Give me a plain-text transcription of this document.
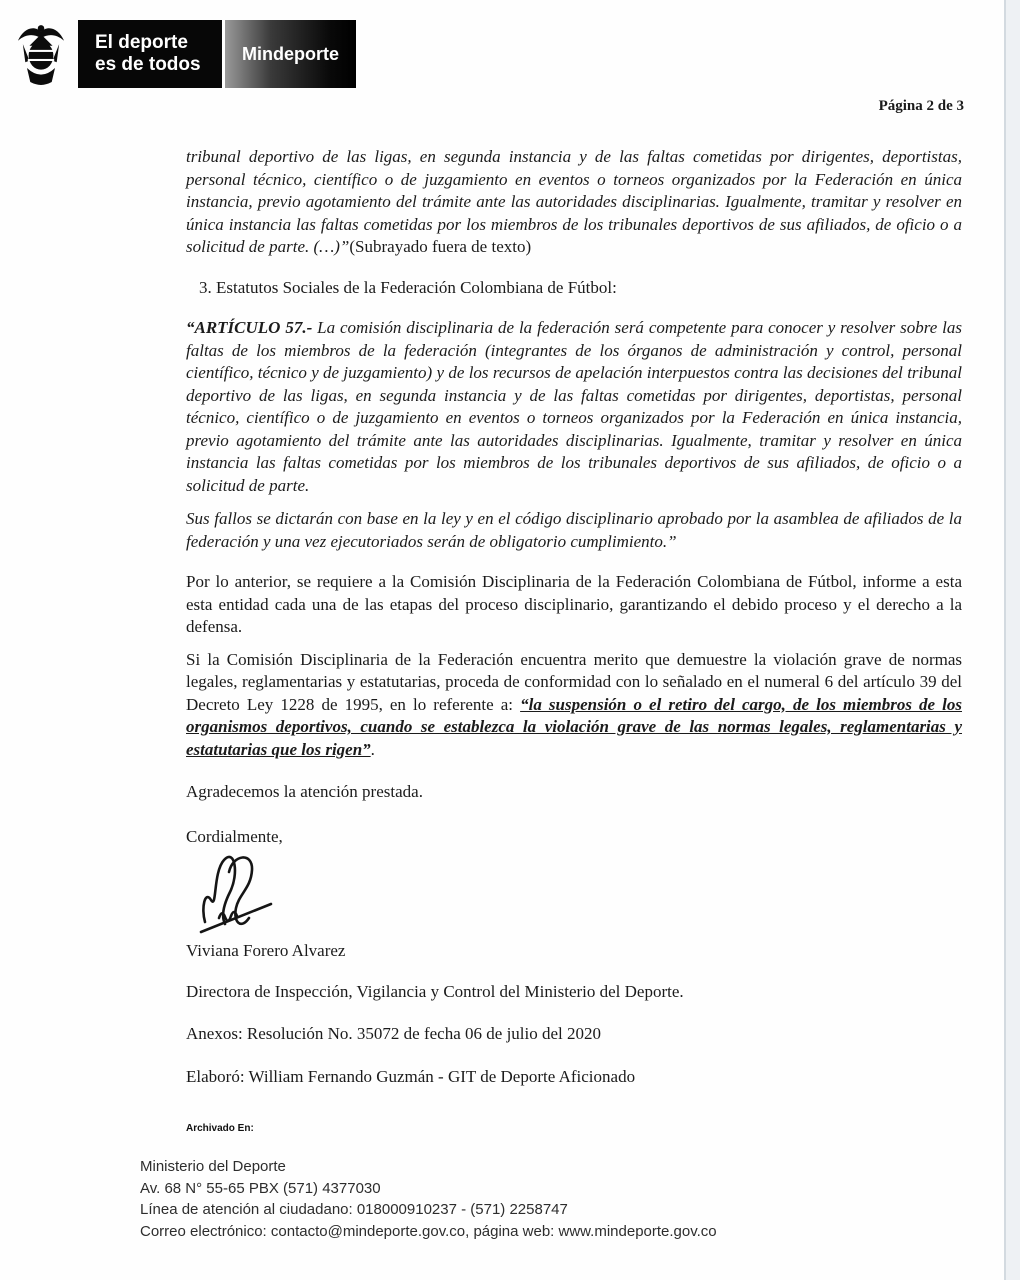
El deporte
es de todos
Mindeporte
Página 2 de 3

tribunal deportivo de las ligas, en segunda instancia y de las faltas cometidas por dirigentes, deportistas, personal técnico, científico o de juzgamiento en eventos o torneos organizados por la Federación en única instancia, previo agotamiento del trámite ante las autoridades disciplinarias. Igualmente, tramitar y resolver en única instancia las faltas cometidas por los miembros de los tribunales deportivos de sus afiliados, de oficio o a solicitud de parte. (…)”(Subrayado fuera de texto)

3. Estatutos Sociales de la Federación Colombiana de Fútbol:

“ARTÍCULO 57.- La comisión disciplinaria de la federación será competente para conocer y resolver sobre las faltas de los miembros de la federación (integrantes de los órganos de administración y control, personal científico, técnico y de juzgamiento) y de los recursos de apelación interpuestos contra las decisiones del tribunal deportivo de las ligas, en segunda instancia y de las faltas cometidas por dirigentes, deportistas, personal técnico, científico o de juzgamiento en eventos o torneos organizados por la Federación en única instancia, previo agotamiento del trámite ante las autoridades disciplinarias. Igualmente, tramitar y resolver en única instancia las faltas cometidas por los miembros de los tribunales deportivos de sus afiliados, de oficio o a solicitud de parte.

Sus fallos se dictarán con base en la ley y en el código disciplinario aprobado por la asamblea de afiliados de la federación y una vez ejecutoriados serán de obligatorio cumplimiento.”

Por lo anterior, se requiere a la Comisión Disciplinaria de la Federación Colombiana de Fútbol, informe a esta esta entidad cada una de las etapas del proceso disciplinario, garantizando el debido proceso y el derecho a la defensa.

Si la Comisión Disciplinaria de la Federación encuentra merito que demuestre la violación grave de normas legales, reglamentarias y estatutarias, proceda de conformidad con lo señalado en el numeral 6 del artículo 39 del Decreto Ley 1228 de 1995, en lo referente a: “la suspensión o el retiro del cargo, de los miembros de los organismos deportivos, cuando se establezca la violación grave de las normas legales, reglamentarias y estatutarias que los rigen”.

Agradecemos la atención prestada.

Cordialmente,

Viviana Forero Alvarez

Directora de Inspección, Vigilancia y Control del Ministerio del Deporte.

Anexos: Resolución No. 35072 de fecha 06 de julio del 2020

Elaboró: William Fernando Guzmán - GIT de Deporte Aficionado

Archivado En:
Ministerio del Deporte
Av. 68 N° 55-65 PBX (571) 4377030
Línea de atención al ciudadano: 018000910237 - (571) 2258747
Correo electrónico: contacto@mindeporte.gov.co, página web: www.mindeporte.gov.co
